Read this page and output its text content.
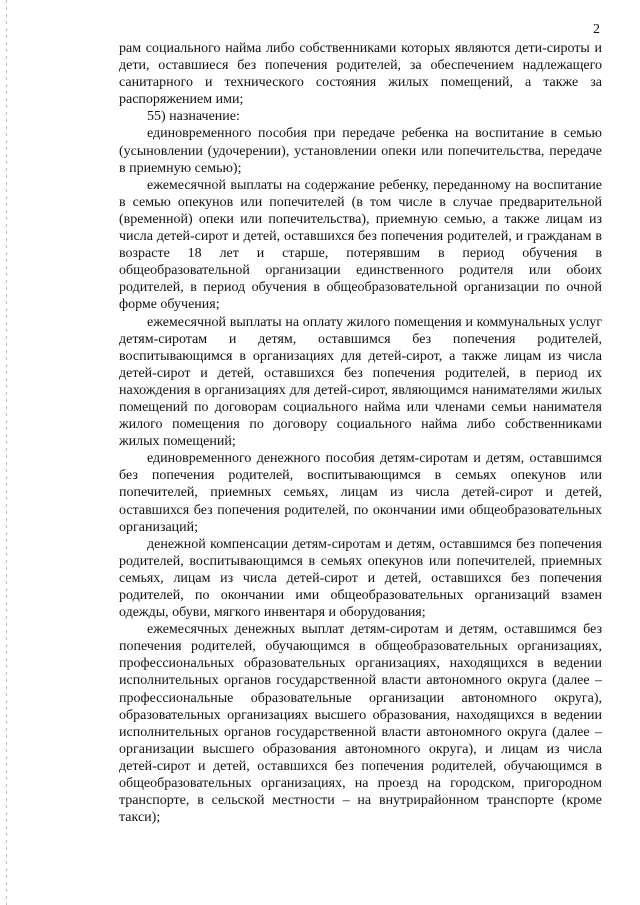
2

рам социального найма либо собственниками которых являются дети-сироты и дети, оставшиеся без попечения родителей, за обеспечением надлежащего санитарного и технического состояния жилых помещений, а также за распоряжением ими;

55) назначение:

единовременного пособия при передаче ребенка на воспитание в семью (усыновлении (удочерении), установлении опеки или попечительства, передаче в приемную семью);

ежемесячной выплаты на содержание ребенку, переданному на воспитание в семью опекунов или попечителей (в том числе в случае предварительной (временной) опеки или попечительства), приемную семью, а также лицам из числа детей-сирот и детей, оставшихся без попечения родителей, и гражданам в возрасте 18 лет и старше, потерявшим в период обучения в общеобразовательной организации единственного родителя или обоих родителей, в период обучения в общеобразовательной организации по очной форме обучения;

ежемесячной выплаты на оплату жилого помещения и коммунальных услуг детям-сиротам и детям, оставшимся без попечения родителей, воспитывающимся в организациях для детей-сирот, а также лицам из числа детей-сирот и детей, оставшихся без попечения родителей, в период их нахождения в организациях для детей-сирот, являющимся нанимателями жилых помещений по договорам социального найма или членами семьи нанимателя жилого помещения по договору социального найма либо собственниками жилых помещений;

единовременного денежного пособия детям-сиротам и детям, оставшимся без попечения родителей, воспитывающимся в семьях опекунов или попечителей, приемных семьях, лицам из числа детей-сирот и детей, оставшихся без попечения родителей, по окончании ими общеобразовательных организаций;

денежной компенсации детям-сиротам и детям, оставшимся без попечения родителей, воспитывающимся в семьях опекунов или попечителей, приемных семьях, лицам из числа детей-сирот и детей, оставшихся без попечения родителей, по окончании ими общеобразовательных организаций взамен одежды, обуви, мягкого инвентаря и оборудования;

ежемесячных денежных выплат детям-сиротам и детям, оставшимся без попечения родителей, обучающимся в общеобразовательных организациях, профессиональных образовательных организациях, находящихся в ведении исполнительных органов государственной власти автономного округа (далее – профессиональные образовательные организации автономного округа), образовательных организациях высшего образования, находящихся в ведении исполнительных органов государственной власти автономного округа (далее – организации высшего образования автономного округа), и лицам из числа детей-сирот и детей, оставшихся без попечения родителей, обучающимся в общеобразовательных организациях, на проезд на городском, пригородном транспорте, в сельской местности – на внутрирайонном транспорте (кроме такси);
